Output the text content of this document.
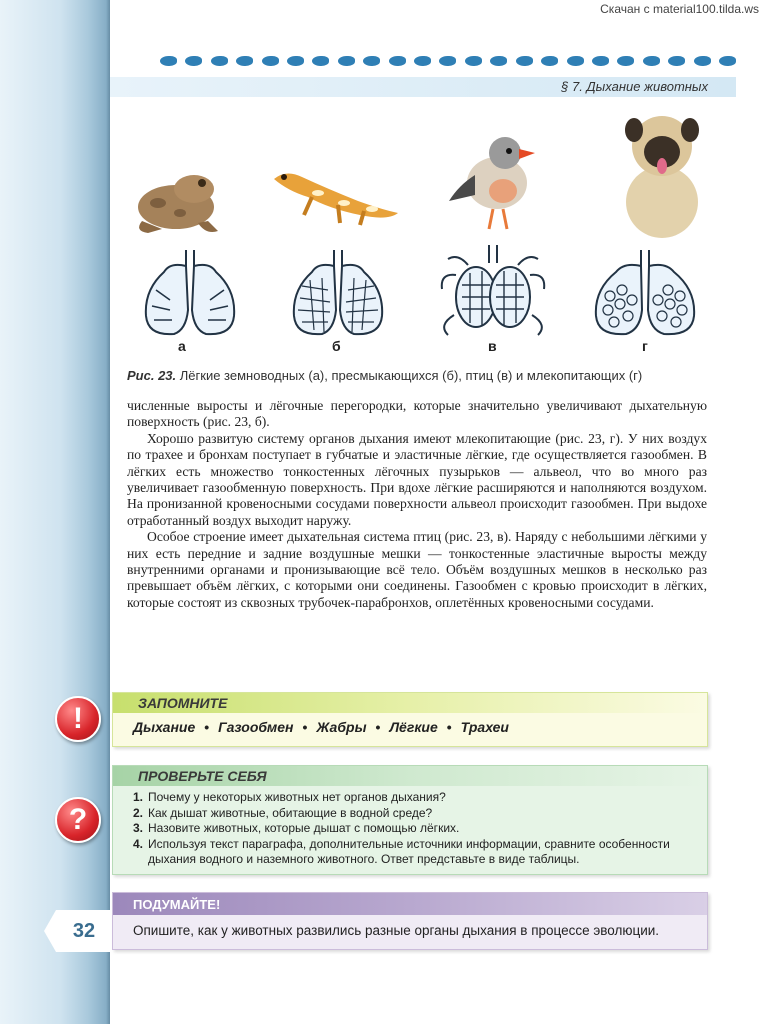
Скачан с material100.tilda.ws
§ 7. Дыхание животных
а	б	в	г
Рис. 23. Лёгкие земноводных (а), пресмыкающихся (б), птиц (в) и млекопитающих (г)

численные выросты и лёгочные перегородки, которые значительно увеличивают дыхательную поверхность (рис. 23, б).

Хорошо развитую систему органов дыхания имеют млекопитающие (рис. 23, г). У них воздух по трахее и бронхам поступает в губчатые и эластичные лёгкие, где осуществляется газообмен. В лёгких есть множество тонкостенных лёгочных пузырьков — альвеол, что во много раз увеличивает газообменную поверхность. При вдохе лёгкие расширяются и наполняются воздухом. На пронизанной кровеносными сосудами поверхности альвеол происходит газообмен. При выдохе отработанный воздух выходит наружу.

Особое строение имеет дыхательная система птиц (рис. 23, в). Наряду с небольшими лёгкими у них есть передние и задние воздушные мешки — тонкостенные эластичные выросты между внутренними органами и пронизывающие всё тело. Объём воздушных мешков в несколько раз превышает объём лёгких, с которыми они соединены. Газообмен с кровью происходит в лёгких, которые состоят из сквозных трубочек-парабронхов, оплетённых кровеносными сосудами.

!	ЗАПОМНИТЕ
Дыхание • Газообмен • Жабры • Лёгкие • Трахеи
?
ПРОВЕРЬТЕ СЕБЯ
1. Почему у некоторых животных нет органов дыхания?
2. Как дышат животные, обитающие в водной среде?
3. Назовите животных, которые дышат с помощью лёгких.
4. Используя текст параграфа, дополнительные источники информации, сравните особенности дыхания водного и наземного животного. Ответ представьте в виде таблицы.
32
ПОДУМАЙТЕ!
Опишите, как у животных развились разные органы дыхания в процессе эволюции.
